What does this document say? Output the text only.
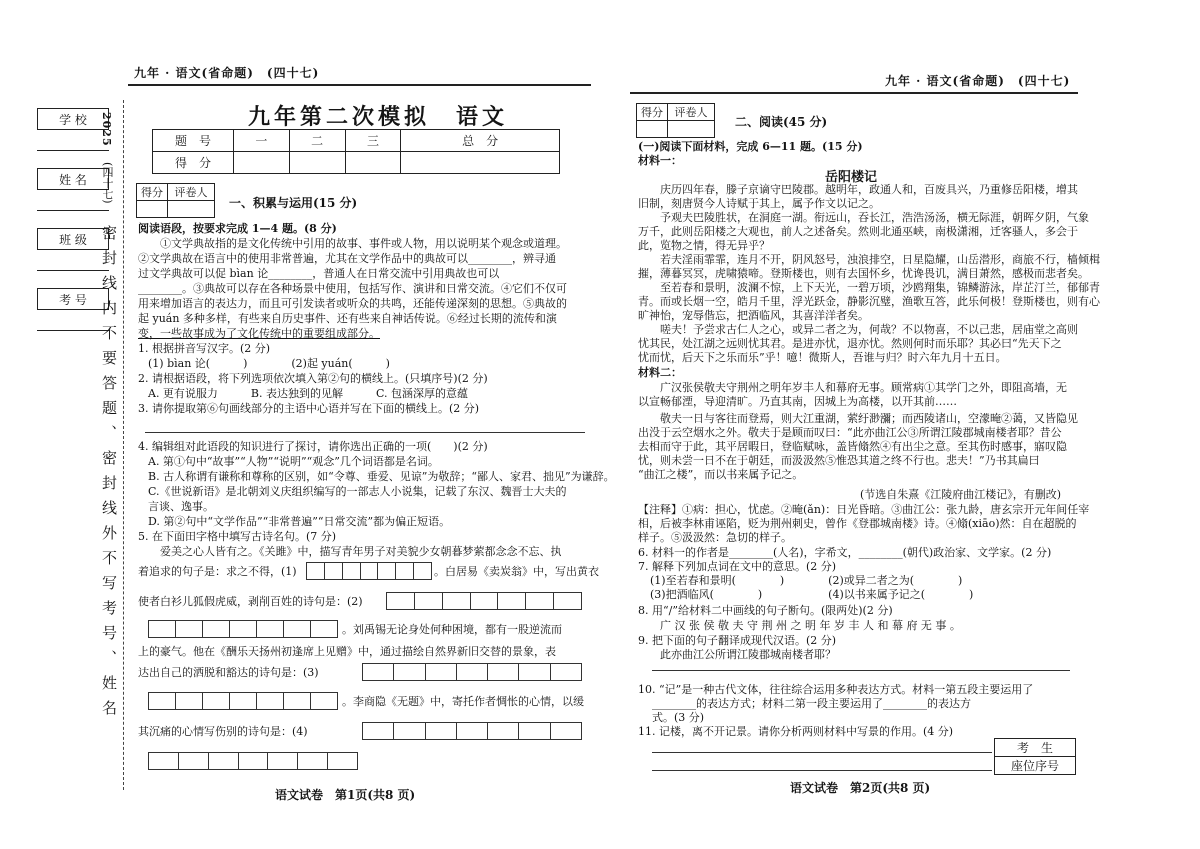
九年 · 语文(省命题)　(四十七)
九年 · 语文(省命题)　(四十七)
学 校
姓 名
班 级
考 号
2025
(四十七)
密封线内不要答题、密封线外不写考号、姓名
九年第二次模拟　语文
题　号	一	二	三	总　分
得　分				
得分	评卷人

一、积累与运用(15 分)
阅读语段，按要求完成 1—4 题。(8 分)
　　①文学典故指的是文化传统中引用的故事、事件或人物，用以说明某个观念或道理。
②文学典故在语言中的使用非常普遍，尤其在文学作品中的典故可以________，辨寻通
过文学典故可以促 bìan 论________，普通人在日常交流中引用典故也可以
________。③典故可以存在各种场景中使用，包括写作、演讲和日常交流。④它们不仅可
用来增加语言的表达力，而且可引发读者或听众的共鸣，还能传递深刻的思想。⑤典故的
起 yuán 多种多样，有些来自历史事件、还有些来自神话传说。⑥经过长期的流传和演
变，一些故事成为了文化传统中的重要组成部分。
1. 根据拼音写汉字。(2 分)
(1) bìan 论(　　　)　　　　(2)起 yuán(　　　)
2. 请根据语段，将下列选项依次填入第②句的横线上。(只填序号)(2 分)
A. 更有说服力　　　B. 表达独到的见解　　　C. 包涵深厚的意蕴
3. 请你提取第⑥句画线部分的主语中心语并写在下面的横线上。(2 分)
4. 编辑组对此语段的知识进行了探讨，请你选出正确的一项(　　)(2 分)
A. 第①句中“故事”“人物”“说明”“观念”几个词语都是名词。
B. 古人称谓有谦称和尊称的区别，如“令尊、垂爱、见谅”为敬辞；“鄙人、家君、拙见”为谦辞。
C.《世说新语》是北朝刘义庆组织编写的一部志人小说集，记载了东汉、魏晋士大夫的
言谈、逸事。
D. 第②句中“文学作品”“非常普遍”“日常交流”都为偏正短语。
5. 在下面田字格中填写古诗名句。(7 分)
　　爱美之心人皆有之。《关雎》中，描写青年男子对美貌少女朝暮梦萦都念念不忘、执
着追求的句子是：求之不得，(1)	。白居易《卖炭翁》中，写出黄衣
使者白衫儿狐假虎威，剥削百姓的诗句是：(2)
。刘禹锡无论身处何种困境，都有一股逆流而
上的豪气。他在《酬乐天扬州初逢席上见赠》中，通过描绘自然界新旧交替的景象，表
达出自己的洒脱和豁达的诗句是：(3)
。李商隐《无题》中，寄托作者惆怅的心情，以缓
其沉痛的心情写伤别的诗句是：(4)
语文试卷　第1页(共8 页)
得分	评卷人

二、阅读(45 分)
(一)阅读下面材料，完成 6—11 题。(15 分)
材料一：
岳阳楼记
　　庆历四年春，滕子京谪守巴陵郡。越明年，政通人和，百废具兴，乃重修岳阳楼，增其
旧制，刻唐贤今人诗赋于其上，属予作文以记之。
　　予观夫巴陵胜状，在洞庭一湖。衔远山，吞长江，浩浩汤汤，横无际涯，朝晖夕阴，气象
万千，此则岳阳楼之大观也，前人之述备矣。然则北通巫峡，南极潇湘，迁客骚人，多会于
此，览物之情，得无异乎？
　　若夫淫雨霏霏，连月不开，阴风怒号，浊浪排空，日星隐耀，山岳潜形，商旅不行，樯倾楫
摧，薄暮冥冥，虎啸猿啼。登斯楼也，则有去国怀乡，忧谗畏讥，满目萧然，感极而悲者矣。
　　至若春和景明，波澜不惊，上下天光，一碧万顷，沙鸥翔集，锦鳞游泳，岸芷汀兰，郁郁青
青。而或长烟一空，皓月千里，浮光跃金，静影沉璧，渔歌互答，此乐何极！登斯楼也，则有心
旷神怡，宠辱偕忘，把酒临风，其喜洋洋者矣。
　　嗟夫！予尝求古仁人之心，或异二者之为，何哉？不以物喜，不以己悲，居庙堂之高则
忧其民，处江湖之远则忧其君。是进亦忧，退亦忧。然则何时而乐耶？其必曰“先天下之
忧而忧，后天下之乐而乐”乎！噫！微斯人，吾谁与归？时六年九月十五日。
材料二：
　　广汉张侯敬夫守荆州之明年岁丰人和幕府无事。顾常病①其学门之外，即阻高墙，无
以宣畅郁湮，导迎清旷。乃直其南，因城上为高楼，以开其前……
　　敬夫一日与客往而登焉，则大江重湖，萦纡渺瀰；而西陵诸山，空濛晻②蔼，又皆隐见
出没于云空烟水之外。敬夫于是顾而叹曰：“此亦曲江公③所谓江陵郡城南楼者耶？昔公
去相而守于此，其平居暇日，登临赋咏，盖皆翛然④有出尘之意。至其伤时感事，寤叹隐
忧，则未尝一日不在于朝廷，而汲汲然⑤惟恐其道之终不行也。悲夫！”乃书其扁曰
“曲江之楼”，而以书来属予记之。
(节选自朱熹《江陵府曲江楼记》，有删改)
【注释】①病：担心，忧虑。②晻(ǎn)：日光昏暗。③曲江公：张九龄，唐玄宗开元年间任宰
相，后被李林甫诬陷，贬为荆州刺史，曾作《登郡城南楼》诗。④翛(xiāo)然：自在超脱的
样子。⑤汲汲然：急切的样子。
6. 材料一的作者是________(人名)，字希文，________(朝代)政治家、文学家。(2 分)
7. 解释下列加点词在文中的意思。(2 分)
(1)至若春和景明(　　　　)　　　　(2)或异二者之为(　　　　)
(3)把酒临风(　　　　)　　　　　　(4)以书来属予记之(　　　　)
8. 用“/”给材料二中画线的句子断句。(限两处)(2 分)
广 汉 张 侯 敬 夫 守 荆 州 之 明 年 岁 丰 人 和 幕 府 无 事 。
9. 把下面的句子翻译成现代汉语。(2 分)
此亦曲江公所谓江陵郡城南楼者耶？
10. “记”是一种古代文体，往往综合运用多种表达方式。材料一第五段主要运用了
________的表达方式；材料二第一段主要运用了________的表达方
式。(3 分)
11. 记楼，离不开记景。请你分析两则材料中写景的作用。(4 分)
考　生
座位序号
语文试卷　第2页(共8 页)
